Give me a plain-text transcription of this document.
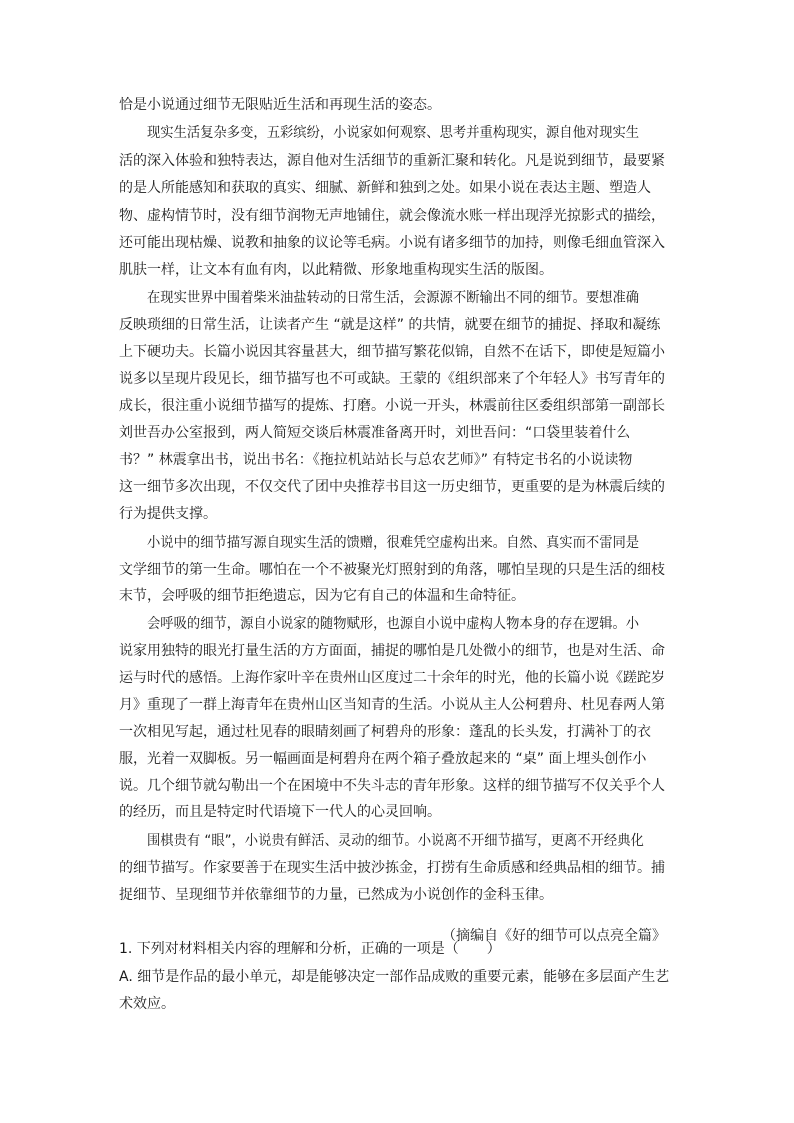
恰是小说通过细节无限贴近生活和再现生活的姿态。

现实生活复杂多变，五彩缤纷，小说家如何观察、思考并重构现实，源自他对现实生

活的深入体验和独特表达，源自他对生活细节的重新汇聚和转化。凡是说到细节，最要紧

的是人所能感知和获取的真实、细腻、新鲜和独到之处。如果小说在表达主题、塑造人

物、虚构情节时，没有细节润物无声地铺住，就会像流水账一样出现浮光掠影式的描绘，

还可能出现枯燥、说教和抽象的议论等毛病。小说有诸多细节的加持，则像毛细血管深入

肌肤一样，让文本有血有肉，以此精微、形象地重构现实生活的版图。

在现实世界中围着柴米油盐转动的日常生活，会源源不断输出不同的细节。要想准确

反映琐细的日常生活，让读者产生 “就是这样” 的共情，就要在细节的捕捉、择取和凝练

上下硬功夫。长篇小说因其容量甚大，细节描写繁花似锦，自然不在话下，即使是短篇小

说多以呈现片段见长，细节描写也不可或缺。王蒙的《组织部来了个年轻人》书写青年的

成长，很注重小说细节描写的提炼、打磨。小说一开头，林震前往区委组织部第一副部长

刘世吾办公室报到，两人简短交谈后林震准备离开时，刘世吾问：“口袋里装着什么

书？” 林震拿出书，说出书名：《拖拉机站站长与总农艺师》” 有特定书名的小说读物

这一细节多次出现，不仅交代了团中央推荐书目这一历史细节，更重要的是为林震后续的

行为提供支撑。

小说中的细节描写源自现实生活的馈赠，很难凭空虚构出来。自然、真实而不雷同是

文学细节的第一生命。哪怕在一个不被聚光灯照射到的角落，哪怕呈现的只是生活的细枝

末节，会呼吸的细节拒绝遗忘，因为它有自己的体温和生命特征。

会呼吸的细节，源自小说家的随物赋形，也源自小说中虚构人物本身的存在逻辑。小

说家用独特的眼光打量生活的方方面面，捕捉的哪怕是几处微小的细节，也是对生活、命

运与时代的感悟。上海作家叶辛在贵州山区度过二十余年的时光，他的长篇小说《蹉跎岁

月》重现了一群上海青年在贵州山区当知青的生活。小说从主人公柯碧舟、杜见春两人第

一次相见写起，通过杜见春的眼睛刻画了柯碧舟的形象：蓬乱的长头发，打满补丁的衣

服，光着一双脚板。另一幅画面是柯碧舟在两个箱子叠放起来的 “桌” 面上埋头创作小

说。几个细节就勾勒出一个在困境中不失斗志的青年形象。这样的细节描写不仅关乎个人

的经历，而且是特定时代语境下一代人的心灵回响。

围棋贵有 “眼”，小说贵有鲜活、灵动的细节。小说离不开细节描写，更离不开经典化

的细节描写。作家要善于在现实生活中披沙拣金，打捞有生命质感和经典品相的细节。捕

捉细节、呈现细节并依靠细节的力量，已然成为小说创作的金科玉律。

（摘编自《好的细节可以点亮全篇》

1. 下列对材料相关内容的理解和分析，正确的一项是（　　）

A. 细节是作品的最小单元，却是能够决定一部作品成败的重要元素，能够在多层面产生艺

术效应。
